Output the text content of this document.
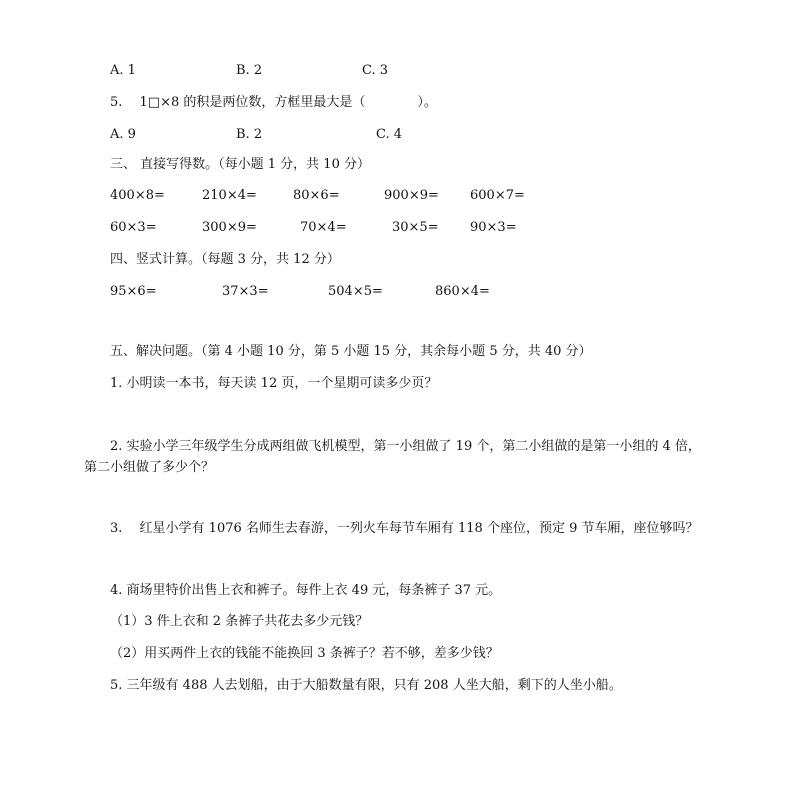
A. 1	B. 2	C. 3
5.　 1□×8 的积是两位数，方框里最大是（　　　　）。
A. 9	B. 2	C. 4
三、 直接写得数。（每小题 1 分，共 10 分）
400×8=	210×4=	80×6=	900×9= 600×7=
60×3=	300×9=	70×4=	30×5= 90×3=
四、竖式计算。（每题 3 分，共 12 分）
95×6=	37×3=	504×5=	860×4=
五、解决问题。（第 4 小题 10 分，第 5 小题 15 分，其余每小题 5 分，共 40 分）
1. 小明读一本书，每天读 12 页，一个星期可读多少页？
2. 实验小学三年级学生分成两组做飞机模型，第一小组做了 19 个，第二小组做的是第一小组的 4 倍，
第二小组做了多少个？
3.　 红星小学有 1076 名师生去春游，一列火车每节车厢有 118 个座位，预定 9 节车厢，座位够吗？
4. 商场里特价出售上衣和裤子。每件上衣 49 元，每条裤子 37 元。
（1）3 件上衣和 2 条裤子共花去多少元钱？
（2）用买两件上衣的钱能不能换回 3 条裤子？若不够，差多少钱？
5. 三年级有 488 人去划船，由于大船数量有限，只有 208 人坐大船，剩下的人坐小船。
